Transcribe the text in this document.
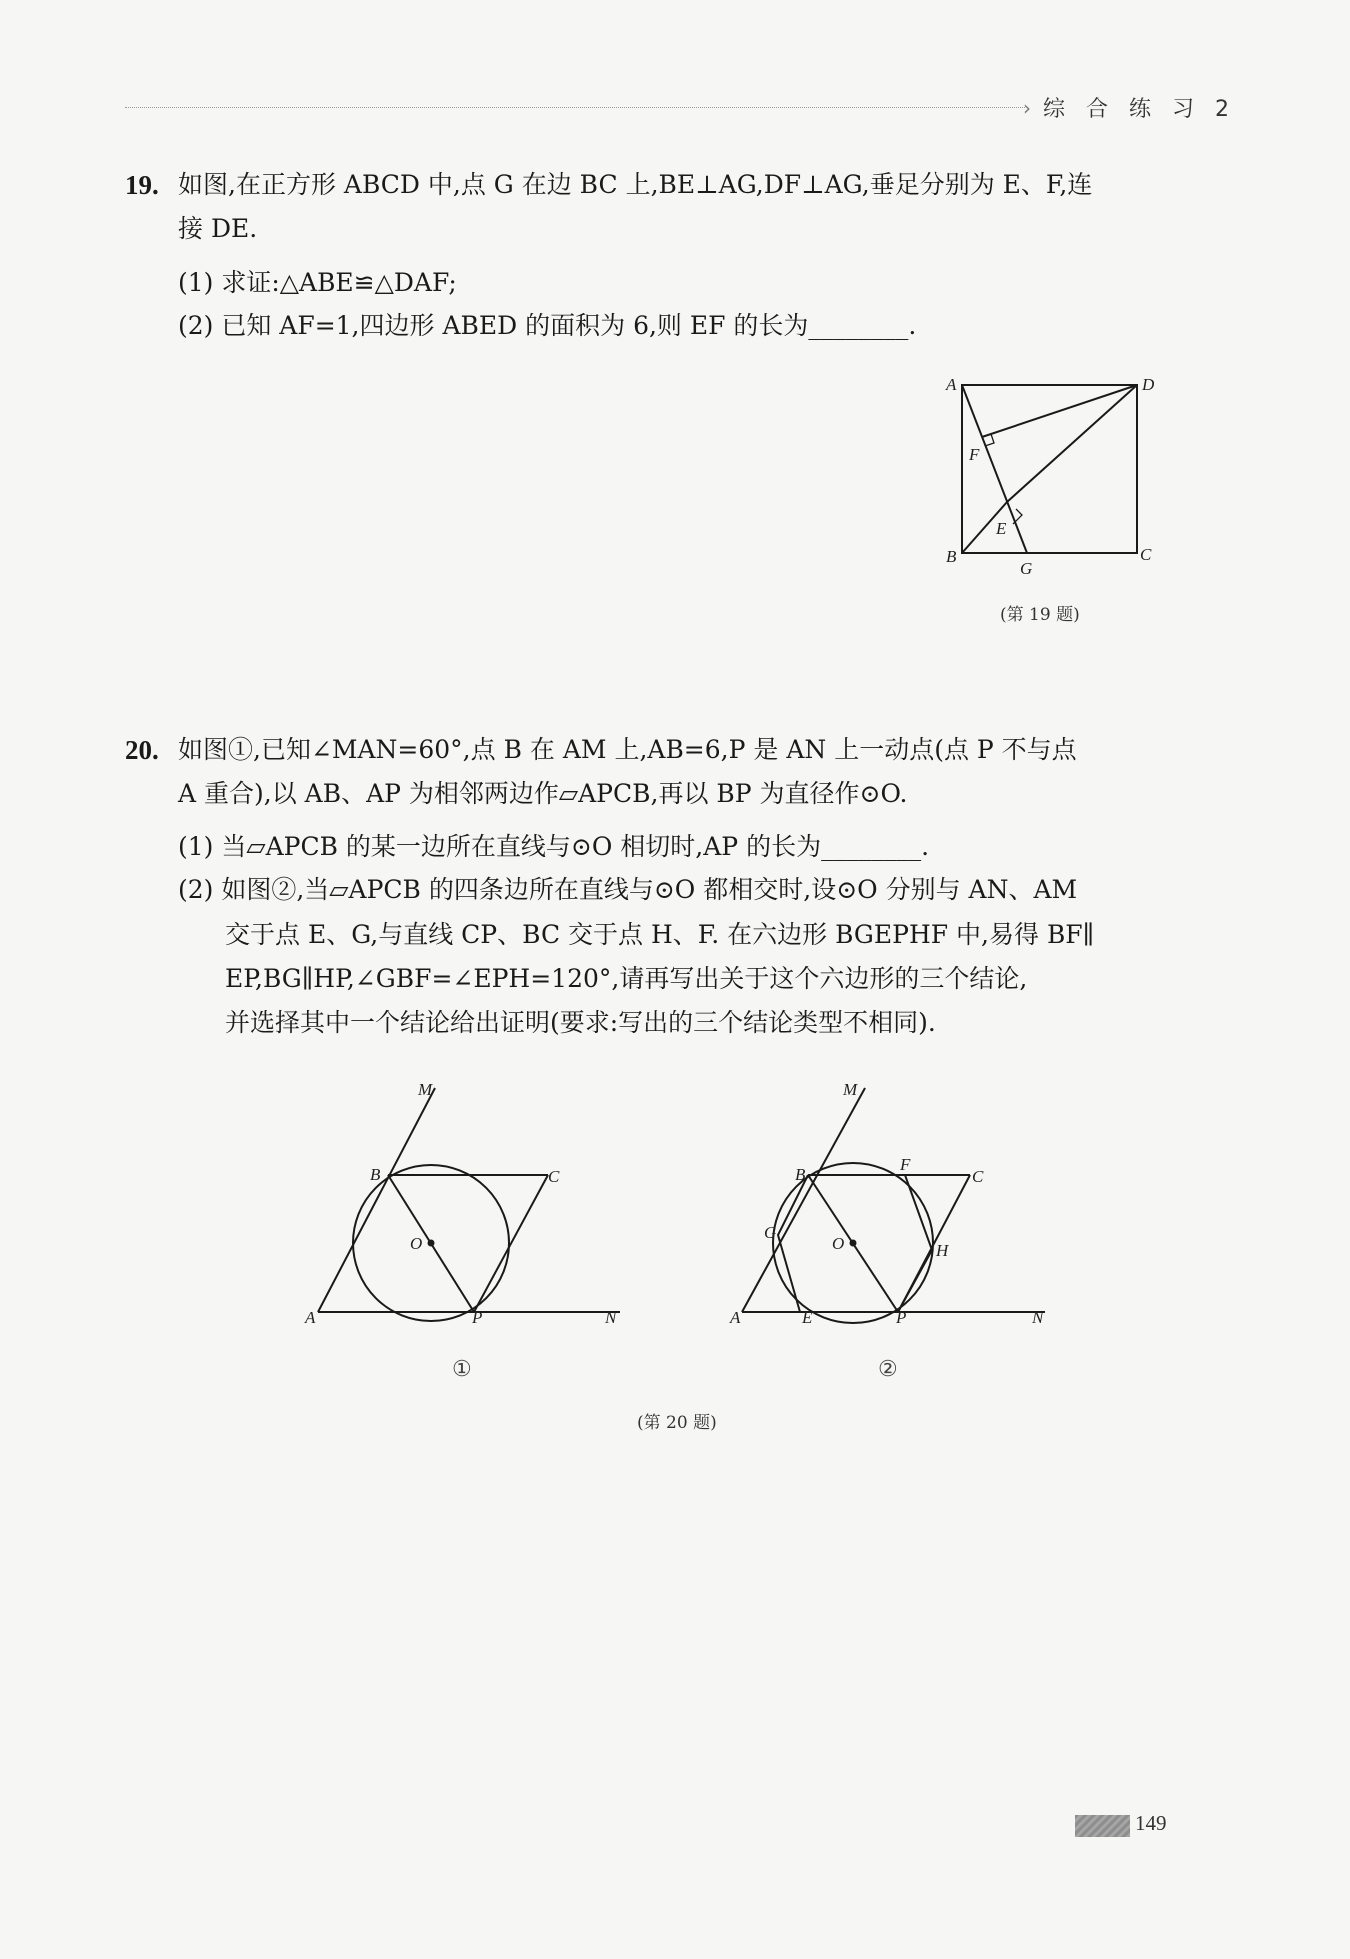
› 综 合 练 习 2
19. 如图,在正方形 ABCD 中,点 G 在边 BC 上,BE⊥AG,DF⊥AG,垂足分别为 E、F,连
接 DE.
(1) 求证:△ABE≌△DAF;
(2) 已知 AF=1,四边形 ABED 的面积为 6,则 EF 的长为________.
A	D
B	C
F
E
G
(第 19 题)
20. 如图①,已知∠MAN=60°,点 B 在 AM 上,AB=6,P 是 AN 上一动点(点 P 不与点
A 重合),以 AB、AP 为相邻两边作▱APCB,再以 BP 为直径作⊙O.
(1) 当▱APCB 的某一边所在直线与⊙O 相切时,AP 的长为________.
(2) 如图②,当▱APCB 的四条边所在直线与⊙O 都相交时,设⊙O 分别与 AN、AM
交于点 E、G,与直线 CP、BC 交于点 H、F. 在六边形 BGEPHF 中,易得 BF∥
EP,BG∥HP,∠GBF=∠EPH=120°,请再写出关于这个六边形的三个结论,
并选择其中一个结论给出证明(要求:写出的三个结论类型不相同).
M
B	C
O
A	P	N
①
M
B
F
C
G
O	H
A	E	P	N
②
(第 20 题)
149
